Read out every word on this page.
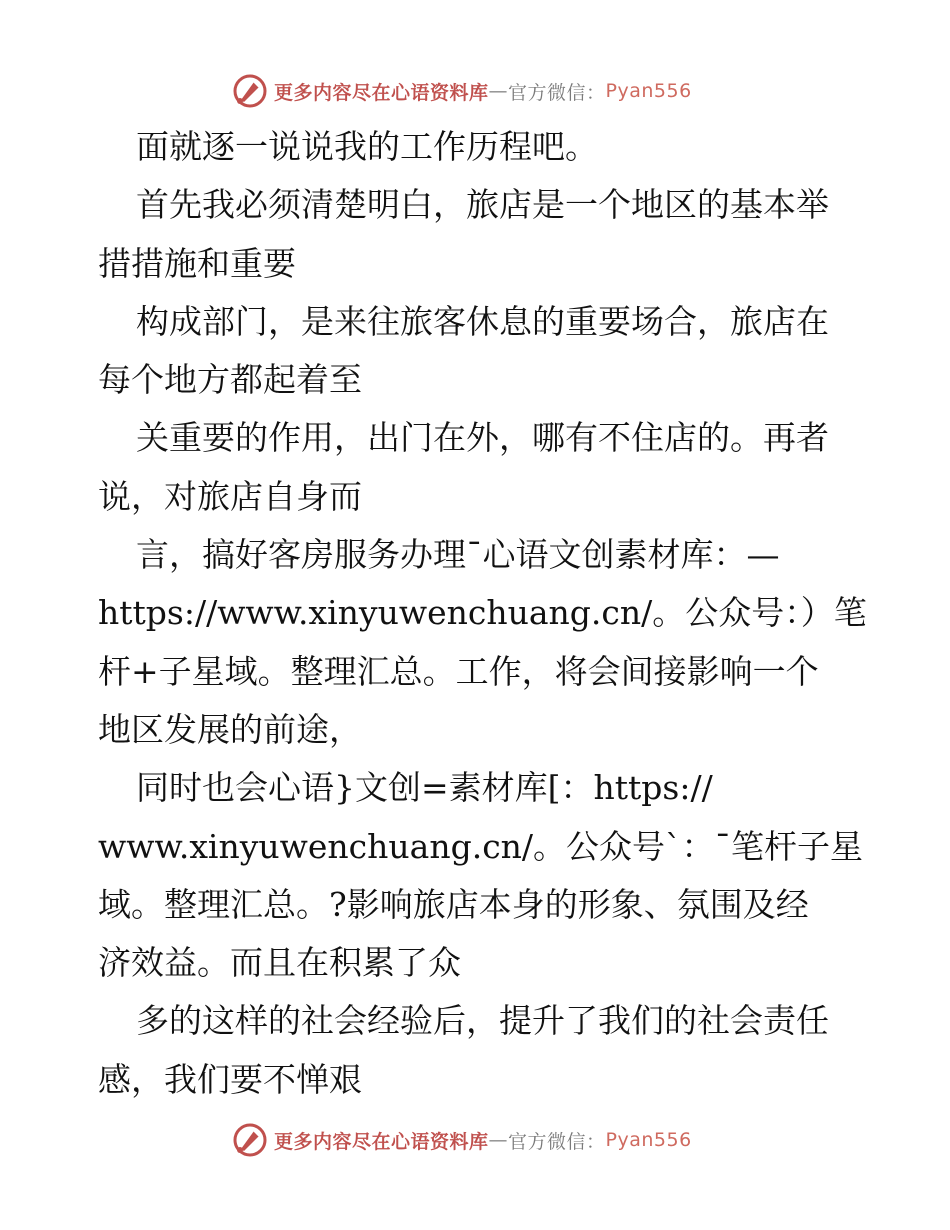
更多内容尽在心语资料库 — 官方微信： Pyan556
面就逐一说说我的工作历程吧。
首先我必须清楚明白，旅店是一个地区的基本举
措措施和重要
构成部门，是来往旅客休息的重要场合，旅店在
每个地方都起着至
关重要的作用，出门在外，哪有不住店的。再者
说，对旅店自身而
言，搞好客房服务办理¯心语文创素材库：—
https://www.xinyuwenchuang.cn/。公众号：）笔
杆+子星域。整理汇总。工作，将会间接影响一个
地区发展的前途，
同时也会心语}文创=素材库[：https://
www.xinyuwenchuang.cn/。公众号`：¯笔杆子星
域。整理汇总。?影响旅店本身的形象、氛围及经
济效益。而且在积累了众
多的这样的社会经验后，提升了我们的社会责任
感，我们要不惮艰
更多内容尽在心语资料库 — 官方微信： Pyan556
